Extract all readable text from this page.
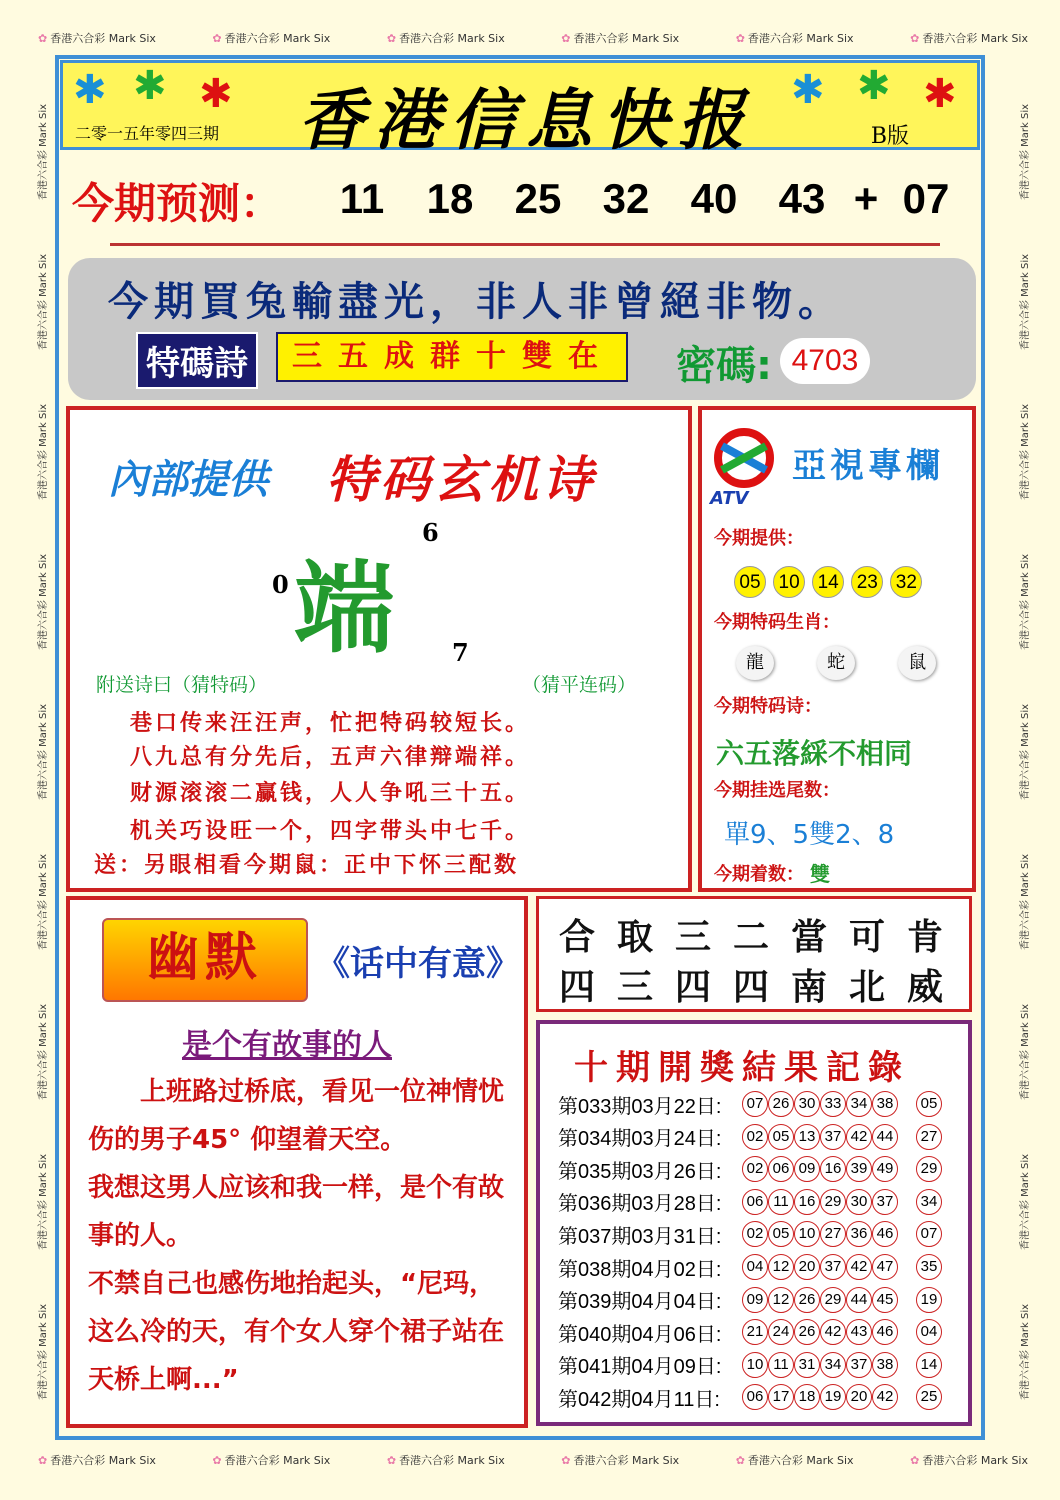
✿ 香港六合彩 Mark Six	✿ 香港六合彩 Mark Six	✿ 香港六合彩 Mark Six	✿ 香港六合彩 Mark Six	✿ 香港六合彩 Mark Six	✿ 香港六合彩 Mark Six
✿ 香港六合彩 Mark Six	✿ 香港六合彩 Mark Six	✿ 香港六合彩 Mark Six	✿ 香港六合彩 Mark Six	✿ 香港六合彩 Mark Six	✿ 香港六合彩 Mark Six
香港六合彩 Mark Six
香港六合彩 Mark Six
香港六合彩 Mark Six
香港六合彩 Mark Six
香港六合彩 Mark Six
香港六合彩 Mark Six
香港六合彩 Mark Six
香港六合彩 Mark Six
香港六合彩 Mark Six
香港六合彩 Mark Six
香港六合彩 Mark Six
香港六合彩 Mark Six
香港六合彩 Mark Six
香港六合彩 Mark Six
香港六合彩 Mark Six
香港六合彩 Mark Six
香港六合彩 Mark Six
香港六合彩 Mark Six
✱ ✱ ✱ 香港信息快报
二零一五年零四三期
✱ ✱ ✱
B版
今期预测：	11	18 25 32 40 43 + 07
今期買兔輸盡光，非人非曾絕非物。
特碼詩	三五成群十雙在	密碼: 4703
內部提供 特码玄机诗
6
0 端 7
附送诗曰（猜特码）	（猜平连码）
巷口传来汪汪声，忙把特码较短长。
八九总有分先后，五声六律辩端祥。
财源滚滚二赢钱，人人争吼三十五。
机关巧设旺一个，四字带头中七千。
送：另眼相看今期鼠：正中下怀三配数
ATV
亞視專欄
今期提供：
05 10 14 23 32
今期特码生肖：
龍	蛇	鼠
今期特码诗：
六五落綵不相同
今期挂选尾数：
單9、5雙2、8
今期着数： 雙
幽默	《话中有意》
是个有故事的人

上班路过桥底，看见一位神情忧伤的男子45° 仰望着天空。

我想这男人应该和我一样，是个有故事的人。

不禁自己也感伤地抬起头，“尼玛，这么冷的天，有个女人穿个裙子站在天桥上啊...”

合取三二當可肯
四三四四南北威
十期開獎結果記錄
第033期03月22日:	07 26 30 33 34 38	05
第034期03月24日:	02 05 13 37 42 44	27
第035期03月26日:	02 06 09 16 39 49	29
第036期03月28日:	06 11 16 29 30 37	34
第037期03月31日:	02 05 10 27 36 46	07
第038期04月02日:	04 12 20 37 42 47	35
第039期04月04日:	09 12 26 29 44 45	19
第040期04月06日:	21 24 26 42 43 46	04
第041期04月09日:	10 11 31 34 37 38	14
第042期04月11日:	06 17 18 19 20 42	25
